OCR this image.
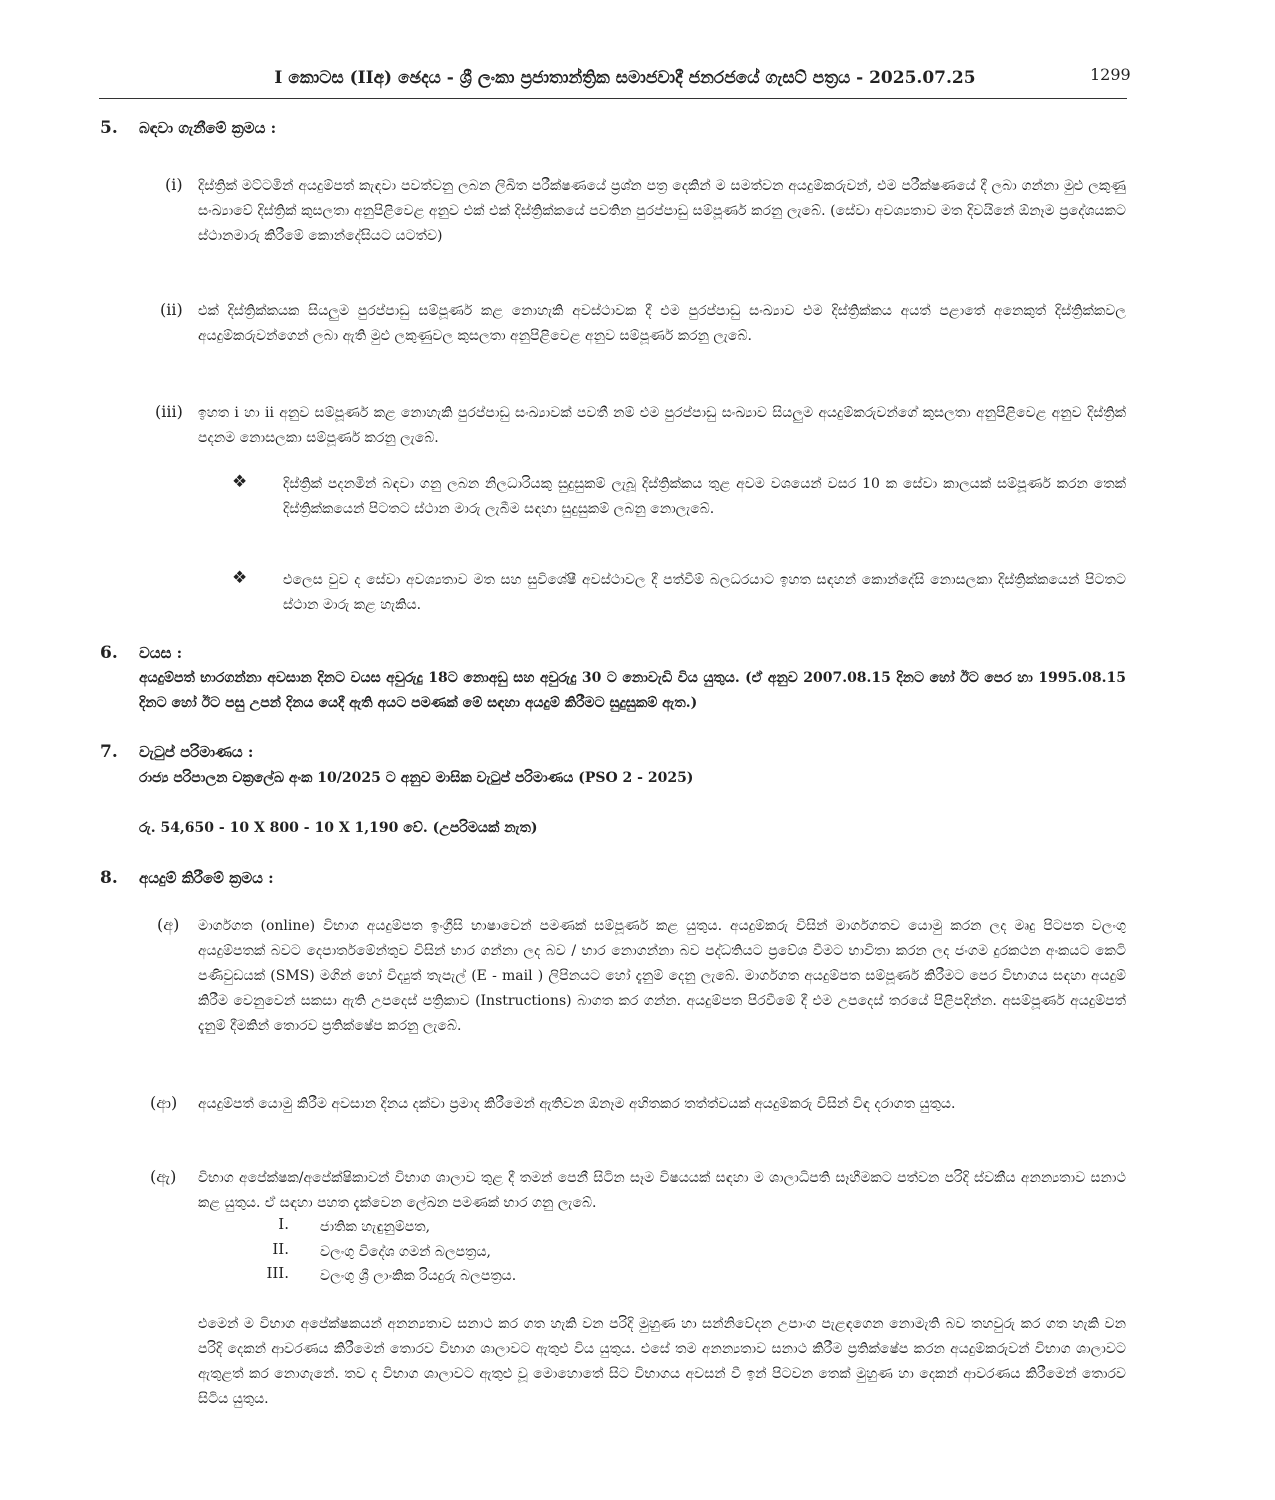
I කොටස (IIඅ) ඡෙදය - ශ්‍රී ලංකා ප්‍රජාතාන්ත්‍රික සමාජවාදී ජනරජයේ ගැසට් පත්‍රය - 2025.07.25	1299
5. බඳවා ගැනීමේ ක්‍රමය :
(i) දිස්ත්‍රික් මට්ටමින් අයදුම්පත් කැඳවා පවත්වනු ලබන ලිඛිත පරීක්ෂණයේ ප්‍රශ්න පත්‍ර දෙකින් ම සමත්වන අයදුම්කරුවන්, එම පරීක්ෂණයේ දී ලබා ගන්නා මුළු ලකුණු සංඛ්‍යාවේ දිස්ත්‍රික් කුසලතා අනුපිළිවෙළ අනුව එක් එක් දිස්ත්‍රික්කයේ පවතින පුරප්පාඩු සම්පූර්ණ කරනු ලැබේ. (සේවා අවශ්‍යතාව මත දිවයිනේ ඕනෑම ප්‍රදේශයකට ස්ථානමාරු කිරීමේ කොන්දේසියට යටත්ව)
(ii) එක් දිස්ත්‍රික්කයක සියලුම පුරප්පාඩු සම්පූර්ණ කළ නොහැකි අවස්ථාවක දී එම පුරප්පාඩු සංඛ්‍යාව එම දිස්ත්‍රික්කය අයත් පළාතේ අනෙකුත් දිස්ත්‍රික්කවල අයදුම්කරුවන්ගෙන් ලබා ඇති මුළු ලකුණුවල කුසලතා අනුපිළිවෙළ අනුව සම්පූර්ණ කරනු ලැබේ.
(iii) ඉහත i හා ii අනුව සම්පූර්ණ කළ නොහැකි පුරප්පාඩු සංඛ්‍යාවක් පවතී නම් එම පුරප්පාඩු සංඛ්‍යාව සියලුම අයදුම්කරුවන්ගේ කුසලතා අනුපිළිවෙළ අනුව දිස්ත්‍රික් පදනම නොසලකා සම්පූර්ණ කරනු ලැබේ.
❖	දිස්ත්‍රික් පදනමින් බඳවා ගනු ලබන නිලධාරියකු සුදුසුකම් ලැබූ දිස්ත්‍රික්කය තුළ අවම වශයෙන් වසර 10 ක සේවා කාලයක් සම්පූර්ණ කරන තෙක් දිස්ත්‍රික්කයෙන් පිටතට ස්ථාන මාරු ලැබීම සඳහා සුදුසුකම් ලබනු නොලැබේ.
❖	එලෙස වුව ද සේවා අවශ්‍යතාව මත සහ සුවිශේෂී අවස්ථාවල දී පත්වීම් බලධරයාට ඉහත සඳහන් කොන්දේසි නොසලකා දිස්ත්‍රික්කයෙන් පිටතට ස්ථාන මාරු කළ හැකිය.
6. වයස :
අයදුම්පත් භාරගන්නා අවසාන දිනට වයස අවුරුදු 18ට නොඅඩු සහ අවුරුදු 30 ට නොවැඩි විය යුතුය. (ඒ අනුව 2007.08.15 දිනට හෝ ඊට පෙර හා 1995.08.15 දිනට හෝ ඊට පසු උපන් දිනය යෙදී ඇති අයට පමණක් මේ සඳහා අයදුම් කිරීමට සුදුසුකම් ඇත.)
7. වැටුප් පරිමාණය :
රාජ්‍ය පරිපාලන චක්‍රලේඛ අංක 10/2025 ට අනුව මාසික වැටුප් පරිමාණය (PSO 2 - 2025)
රු. 54,650 - 10 X 800 - 10 X 1,190 වේ. (උපරිමයක් නැත)
8. අයදුම් කිරීමේ ක්‍රමය :
(අ) මාර්ගගත (online) විභාග අයදුම්පත ඉංග්‍රීසි භාෂාවෙන් පමණක් සම්පූර්ණ කළ යුතුය. අයදුම්කරු විසින් මාර්ගගතව යොමු කරන ලද මෘදු පිටපත වලංගු අයදුම්පතක් බවට දෙපාර්තමේන්තුව විසින් භාර ගන්නා ලද බව / භාර නොගන්නා බව පද්ධතියට ප්‍රවේශ වීමට භාවිතා කරන ලද ජංගම දුරකථන අංකයට කෙටි පණිවුඩයක් (SMS) මගින් හෝ විද්‍යුත් තැපැල් (E - mail ) ලිපිනයට හෝ දැනුම් දෙනු ලැබේ. මාර්ගගත අයදුම්පත සම්පූර්ණ කිරීමට පෙර විභාගය සඳහා අයදුම් කිරීම වෙනුවෙන් සකසා ඇති උපදෙස් පත්‍රිකාව (Instructions) බාගත කර ගන්න. අයදුම්පත පිරවීමේ දී එම උපදෙස් තරයේ පිළිපදින්න. අසම්පූර්ණ අයදුම්පත් දැනුම් දීමකින් තොරව ප්‍රතික්ෂේප කරනු ලැබේ.
(ආ) අයදුම්පත් යොමු කිරීම අවසාන දිනය දක්වා ප්‍රමාද කිරීමෙන් ඇතිවන ඕනෑම අහිතකර තත්ත්වයක් අයදුම්කරු විසින් විඳ දරාගත යුතුය.
(ඇ) විභාග අපේක්ෂක/අපේක්ෂිකාවන් විභාග ශාලාව තුළ දී තමන් පෙනී සිටින සෑම විෂයයක් සඳහා ම ශාලාධිපති සෑහීමකට පත්වන පරිදි ස්වකීය අනන්‍යතාව සනාථ කළ යුතුය. ඒ සඳහා පහත දැක්වෙන ලේඛන පමණක් භාර ගනු ලැබේ.
I. ජාතික හැඳුනුම්පත,
II. වලංගු විදේශ ගමන් බලපත්‍රය,
III. වලංගු ශ්‍රී ලාංකික රියදුරු බලපත්‍රය.
එමෙන් ම විභාග අපේක්ෂකයන් අනන්‍යතාව සනාථ කර ගත හැකි වන පරිදි මුහුණ හා සන්නිවේදන උපාංග පැළඳගෙන නොමැති බව තහවුරු කර ගත හැකි වන පරිදි දෙකන් ආවරණය කිරීමෙන් තොරව විභාග ශාලාවට ඇතුළු විය යුතුය. එසේ තම අනන්‍යතාව සනාථ කිරීම ප්‍රතික්ෂේප කරන අයදුම්කරුවන් විභාග ශාලාවට ඇතුළත් කර නොගැනේ. තව ද විභාග ශාලාවට ඇතුළු වූ මොහොතේ සිට විභාගය අවසන් වී ඉන් පිටවන තෙක් මුහුණ හා දෙකන් ආවරණය කිරීමෙන් තොරව සිටිය යුතුය.
